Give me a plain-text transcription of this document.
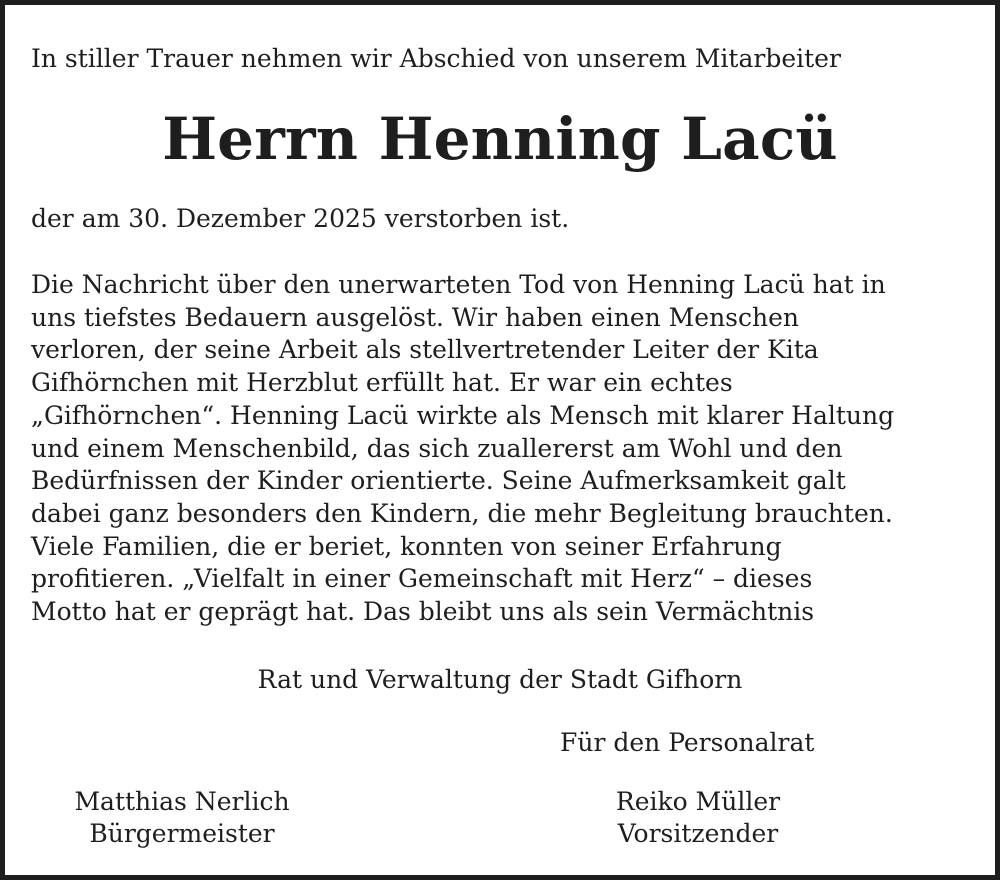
In stiller Trauer nehmen wir Abschied von unserem Mitarbeiter

Herrn Henning Lacü

der am 30. Dezember 2025 verstorben ist.

Die Nachricht über den unerwarteten Tod von Henning Lacü hat in
uns tiefstes Bedauern ausgelöst. Wir haben einen Menschen
verloren, der seine Arbeit als stellvertretender Leiter der Kita
Gifhörnchen mit Herzblut erfüllt hat. Er war ein echtes
„Gifhörnchen“. Henning Lacü wirkte als Mensch mit klarer Haltung
und einem Menschenbild, das sich zuallererst am Wohl und den
Bedürfnissen der Kinder orientierte. Seine Aufmerksamkeit galt
dabei ganz besonders den Kindern, die mehr Begleitung brauchten.
Viele Familien, die er beriet, konnten von seiner Erfahrung
profitieren. „Vielfalt in einer Gemeinschaft mit Herz“ – dieses
Motto hat er geprägt hat. Das bleibt uns als sein Vermächtnis

Rat und Verwaltung der Stadt Gifhorn

Für den Personalrat

Matthias Nerlich
Bürgermeister

Reiko Müller
Vorsitzender
